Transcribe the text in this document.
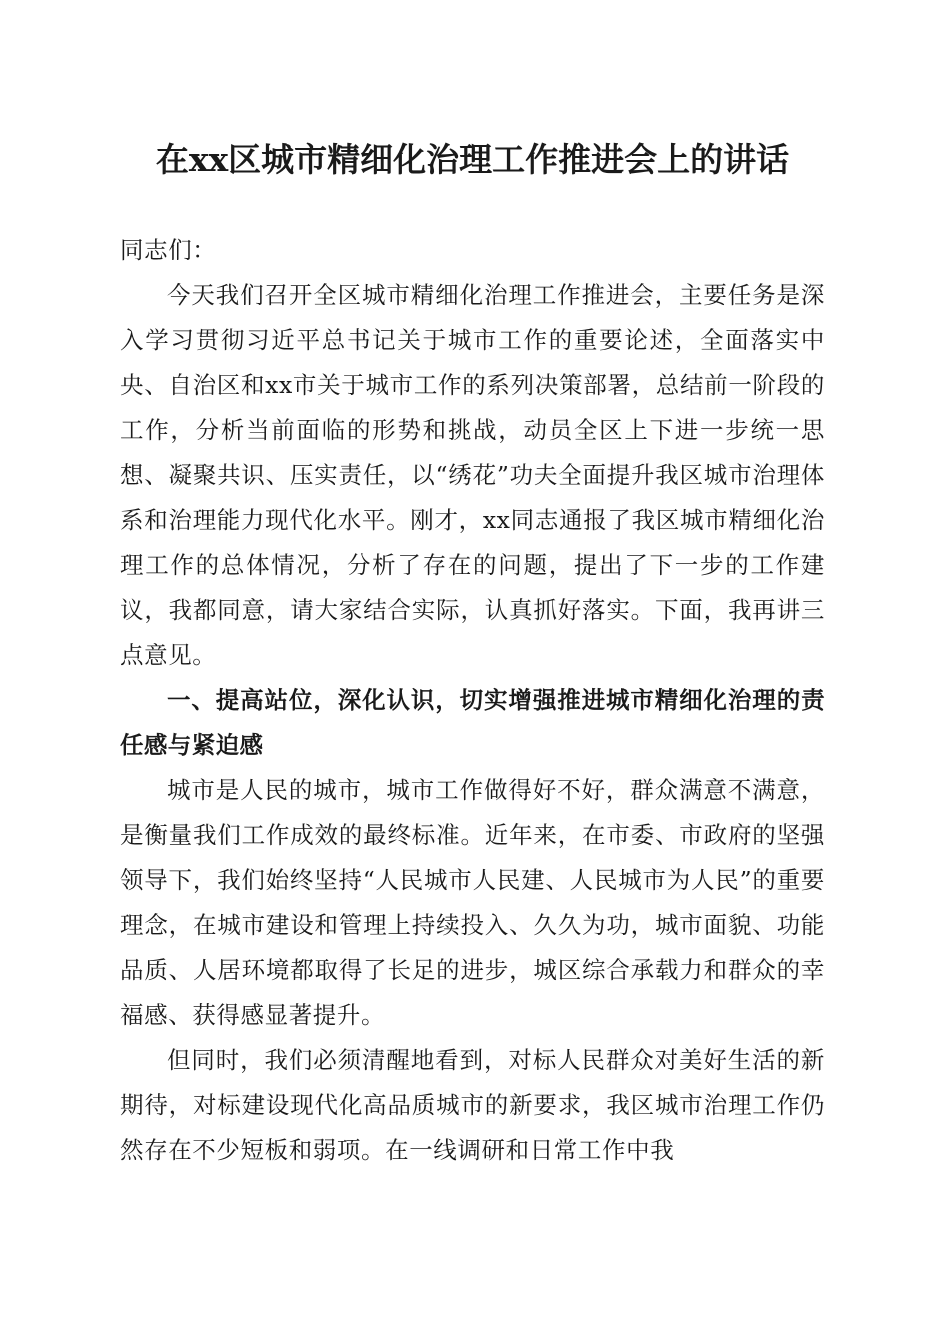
在xx区城市精细化治理工作推进会上的讲话

同志们：

今天我们召开全区城市精细化治理工作推进会，主要任务是深入学习贯彻习近平总书记关于城市工作的重要论述，全面落实中央、自治区和xx市关于城市工作的系列决策部署，总结前一阶段的工作，分析当前面临的形势和挑战，动员全区上下进一步统一思想、凝聚共识、压实责任，以“绣花”功夫全面提升我区城市治理体系和治理能力现代化水平。刚才，xx同志通报了我区城市精细化治理工作的总体情况，分析了存在的问题，提出了下一步的工作建议，我都同意，请大家结合实际，认真抓好落实。下面，我再讲三点意见。

一、提高站位，深化认识，切实增强推进城市精细化治理的责任感与紧迫感

城市是人民的城市，城市工作做得好不好，群众满意不满意，是衡量我们工作成效的最终标准。近年来，在市委、市政府的坚强领导下，我们始终坚持“人民城市人民建、人民城市为人民”的重要理念，在城市建设和管理上持续投入、久久为功，城市面貌、功能品质、人居环境都取得了长足的进步，城区综合承载力和群众的幸福感、获得感显著提升。

但同时，我们必须清醒地看到，对标人民群众对美好生活的新期待，对标建设现代化高品质城市的新要求，我区城市治理工作仍然存在不少短板和弱项。在一线调研和日常工作中我
